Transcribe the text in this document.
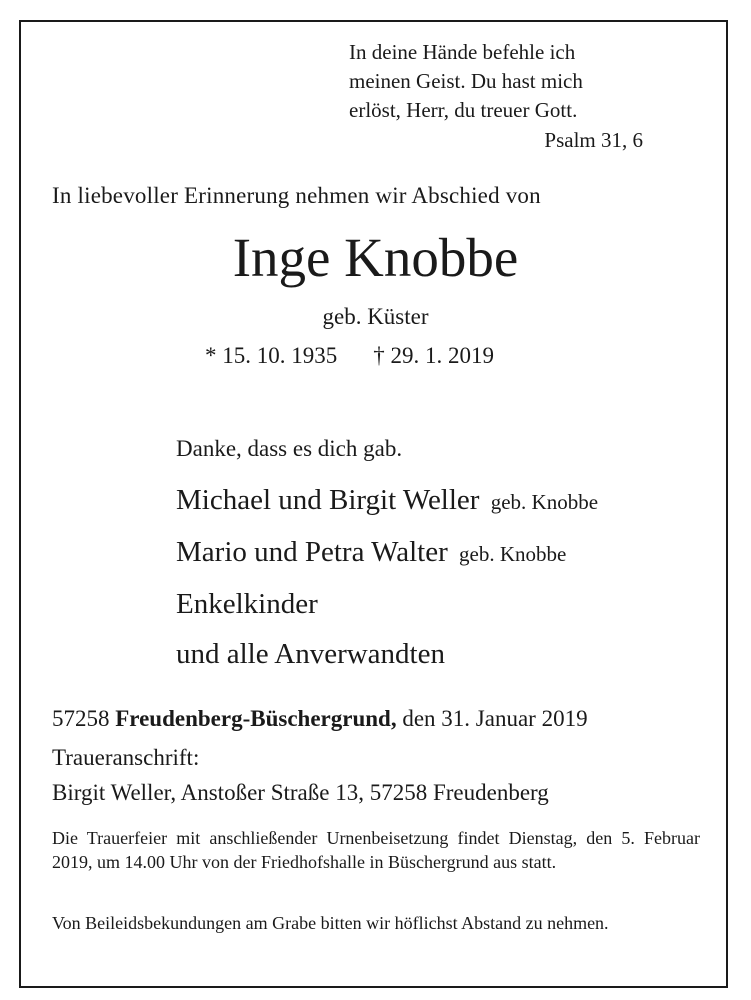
In deine Hände befehle ich
meinen Geist. Du hast mich
erlöst, Herr, du treuer Gott.
Psalm 31, 6
In liebevoller Erinnerung nehmen wir Abschied von
Inge Knobbe
geb. Küster
* 15. 10. 1935 † 29. 1. 2019
Danke, dass es dich gab.
Michael und Birgit Weller geb. Knobbe
Mario und Petra Walter geb. Knobbe
Enkelkinder
und alle Anverwandten
57258 Freudenberg-Büschergrund, den 31. Januar 2019
Traueranschrift:
Birgit Weller, Anstoßer Straße 13, 57258 Freudenberg
Die Trauerfeier mit anschließender Urnenbeisetzung findet Dienstag, den 5. Februar 2019, um 14.00 Uhr von der Friedhofshalle in Büschergrund aus statt.
Von Beileidsbekundungen am Grabe bitten wir höflichst Abstand zu nehmen.
